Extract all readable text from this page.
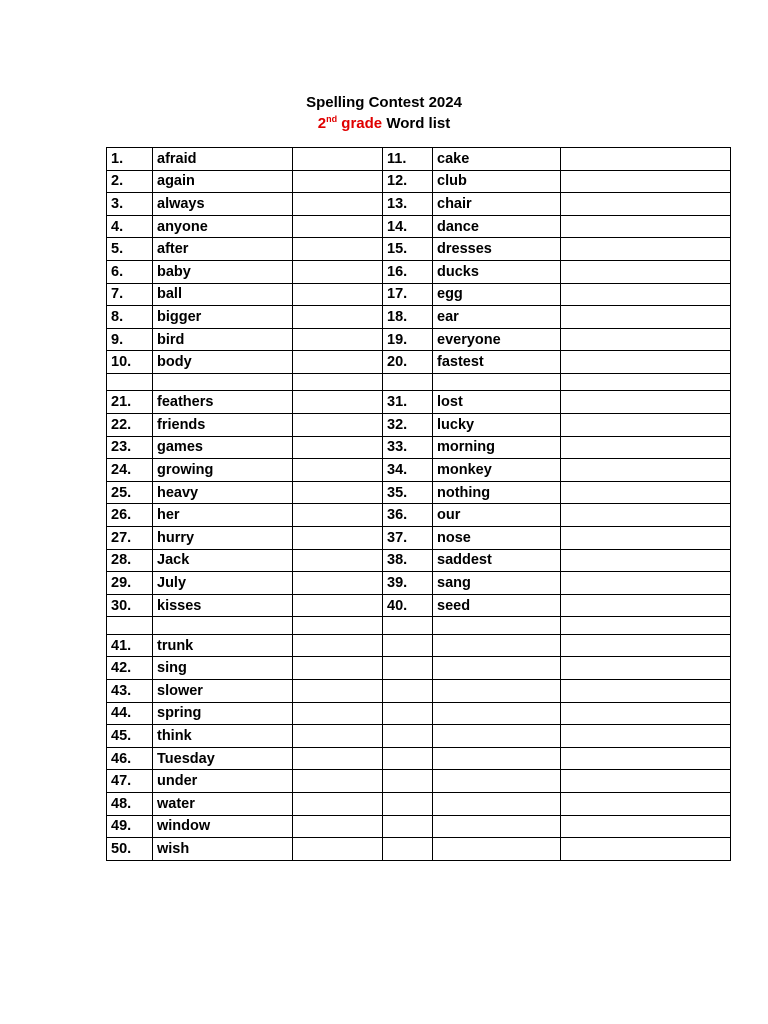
Spelling Contest 2024
2nd grade Word list
1.	afraid		11.	cake	
2.	again		12.	club	
3.	always		13.	chair	
4.	anyone		14.	dance	
5.	after		15.	dresses	
6.	baby		16.	ducks	
7.	ball		17.	egg	
8.	bigger		18.	ear	
9.	bird		19.	everyone	
10.	body		20.	fastest	

21.	feathers		31.	lost	
22.	friends		32.	lucky	
23.	games		33.	morning	
24.	growing		34.	monkey	
25.	heavy		35.	nothing	
26.	her		36.	our	
27.	hurry		37.	nose	
28.	Jack		38.	saddest	
29.	July		39.	sang	
30.	kisses		40.	seed	

41.	trunk				
42.	sing				
43.	slower				
44.	spring				
45.	think				
46.	Tuesday				
47.	under				
48.	water				
49.	window				
50.	wish				
